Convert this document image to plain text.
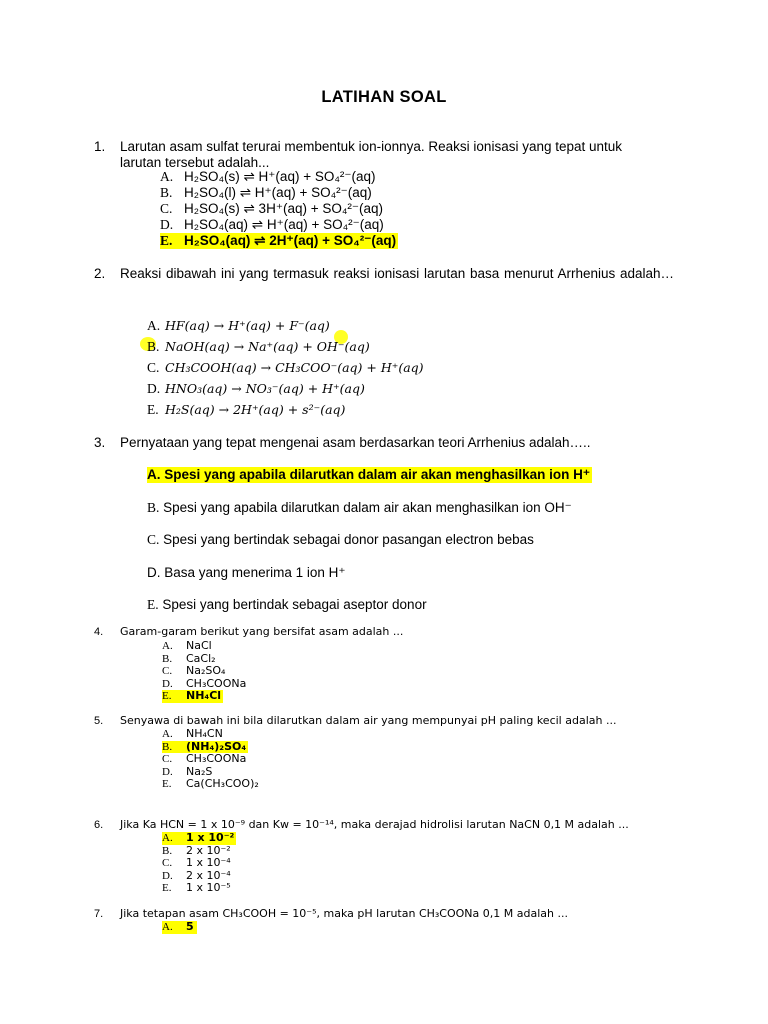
LATIHAN SOAL
1. Larutan asam sulfat terurai membentuk ion-ionnya. Reaksi ionisasi yang tepat untuk larutan tersebut adalah...
A. H₂SO₄(s) ⇌ H⁺(aq) + SO₄²⁻(aq)
B. H₂SO₄(l) ⇌ H⁺(aq) + SO₄²⁻(aq)
C. H₂SO₄(s) ⇌ 3H⁺(aq) + SO₄²⁻(aq)
D. H₂SO₄(aq) ⇌ H⁺(aq) + SO₄²⁻(aq)
E. H₂SO₄(aq) ⇌ 2H⁺(aq) + SO₄²⁻(aq)
2. Reaksi dibawah ini yang termasuk reaksi ionisasi larutan basa menurut Arrhenius adalah…
A. HF(aq) → H⁺(aq) + F⁻(aq)
B. NaOH(aq) → Na⁺(aq) + OH⁻(aq)
C. CH₃COOH(aq) → CH₃COO⁻(aq) + H⁺(aq)
D. HNO₃(aq) → NO₃⁻(aq) + H⁺(aq)
E. H₂S(aq) → 2H⁺(aq) + s²⁻(aq)
3. Pernyataan yang tepat mengenai asam berdasarkan teori Arrhenius adalah…..
A. Spesi yang apabila dilarutkan dalam air akan menghasilkan ion H⁺
B. Spesi yang apabila dilarutkan dalam air akan menghasilkan ion OH⁻
C. Spesi yang bertindak sebagai donor pasangan electron bebas
D. Basa yang menerima 1 ion H⁺
E. Spesi yang bertindak sebagai aseptor donor
4. Garam-garam berikut yang bersifat asam adalah ...
A. NaCl
B. CaCl₂
C. Na₂SO₄
D. CH₃COONa
E. NH₄Cl
5. Senyawa di bawah ini bila dilarutkan dalam air yang mempunyai pH paling kecil adalah ...
A. NH₄CN
B. (NH₄)₂SO₄
C. CH₃COONa
D. Na₂S
E. Ca(CH₃COO)₂
6. Jika Ka HCN = 1 x 10⁻⁹ dan Kw = 10⁻¹⁴, maka derajad hidrolisi larutan NaCN 0,1 M adalah ...
A. 1 x 10⁻²
B. 2 x 10⁻²
C. 1 x 10⁻⁴
D. 2 x 10⁻⁴
E. 1 x 10⁻⁵
7. Jika tetapan asam CH₃COOH = 10⁻⁵, maka pH larutan CH₃COONa 0,1 M adalah ...
A. 5
